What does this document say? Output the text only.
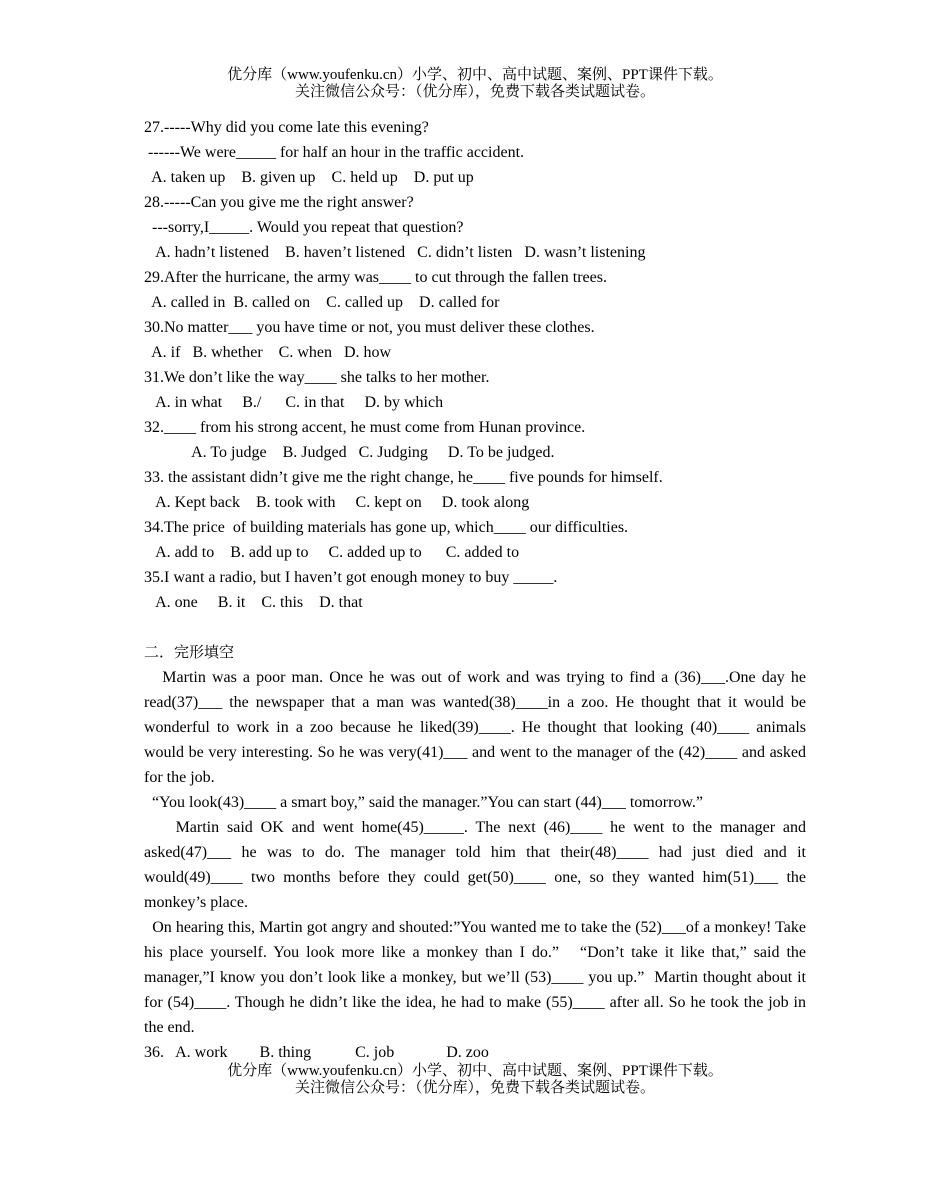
优分库（www.youfenku.cn）小学、初中、高中试题、案例、PPT课件下载。
关注微信公众号：（优分库），免费下载各类试题试卷。
27.-----Why did you come late this evening?
------We were_____ for half an hour in the traffic accident.
A. taken up    B. given up    C. held up    D. put up
28.-----Can you give me the right answer?
---sorry,I_____. Would you repeat that question?
A. hadn’t listened    B. haven’t listened   C. didn’t listen   D. wasn’t listening
29.After the hurricane, the army was____ to cut through the fallen trees.
A. called in  B. called on    C. called up    D. called for
30.No matter___ you have time or not, you must deliver these clothes.
A. if   B. whether    C. when   D. how
31.We don’t like the way____ she talks to her mother.
A. in what     B./      C. in that     D. by which
32.____ from his strong accent, he must come from Hunan province.
A. To judge    B. Judged   C. Judging     D. To be judged.
33. the assistant didn’t give me the right change, he____ five pounds for himself.
A. Kept back    B. took with     C. kept on     D. took along
34.The price  of building materials has gone up, which____ our difficulties.
A. add to    B. add up to     C. added up to      C. added to
35.I want a radio, but I haven’t got enough money to buy _____.
A. one     B. it    C. this    D. that
二．完形填空
Martin was a poor man. Once he was out of work and was trying to find a (36)___.One day he read(37)___ the newspaper that a man was wanted(38)____in a zoo. He thought that it would be wonderful to work in a zoo because he liked(39)____. He thought that looking (40)____ animals would be very interesting. So he was very(41)___ and went to the manager of the (42)____ and asked for the job.
“You look(43)____ a smart boy,” said the manager.”You can start (44)___ tomorrow.”
Martin said OK and went home(45)_____. The next (46)____ he went to the manager and asked(47)___ he was to do. The manager told him that their(48)____ had just died and it would(49)____ two months before they could get(50)____ one, so they wanted him(51)___ the monkey’s place.
On hearing this, Martin got angry and shouted:”You wanted me to take the (52)___of a monkey! Take his place yourself. You look more like a monkey than I do.”   “Don’t take it like that,” said the manager,”I know you don’t look like a monkey, but we’ll (53)____ you up.”  Martin thought about it for (54)____. Though he didn’t like the idea, he had to make (55)____ after all. So he took the job in the end.
36.   A. work        B. thing           C. job             D. zoo
优分库（www.youfenku.cn）小学、初中、高中试题、案例、PPT课件下载。
关注微信公众号：（优分库），免费下载各类试题试卷。
